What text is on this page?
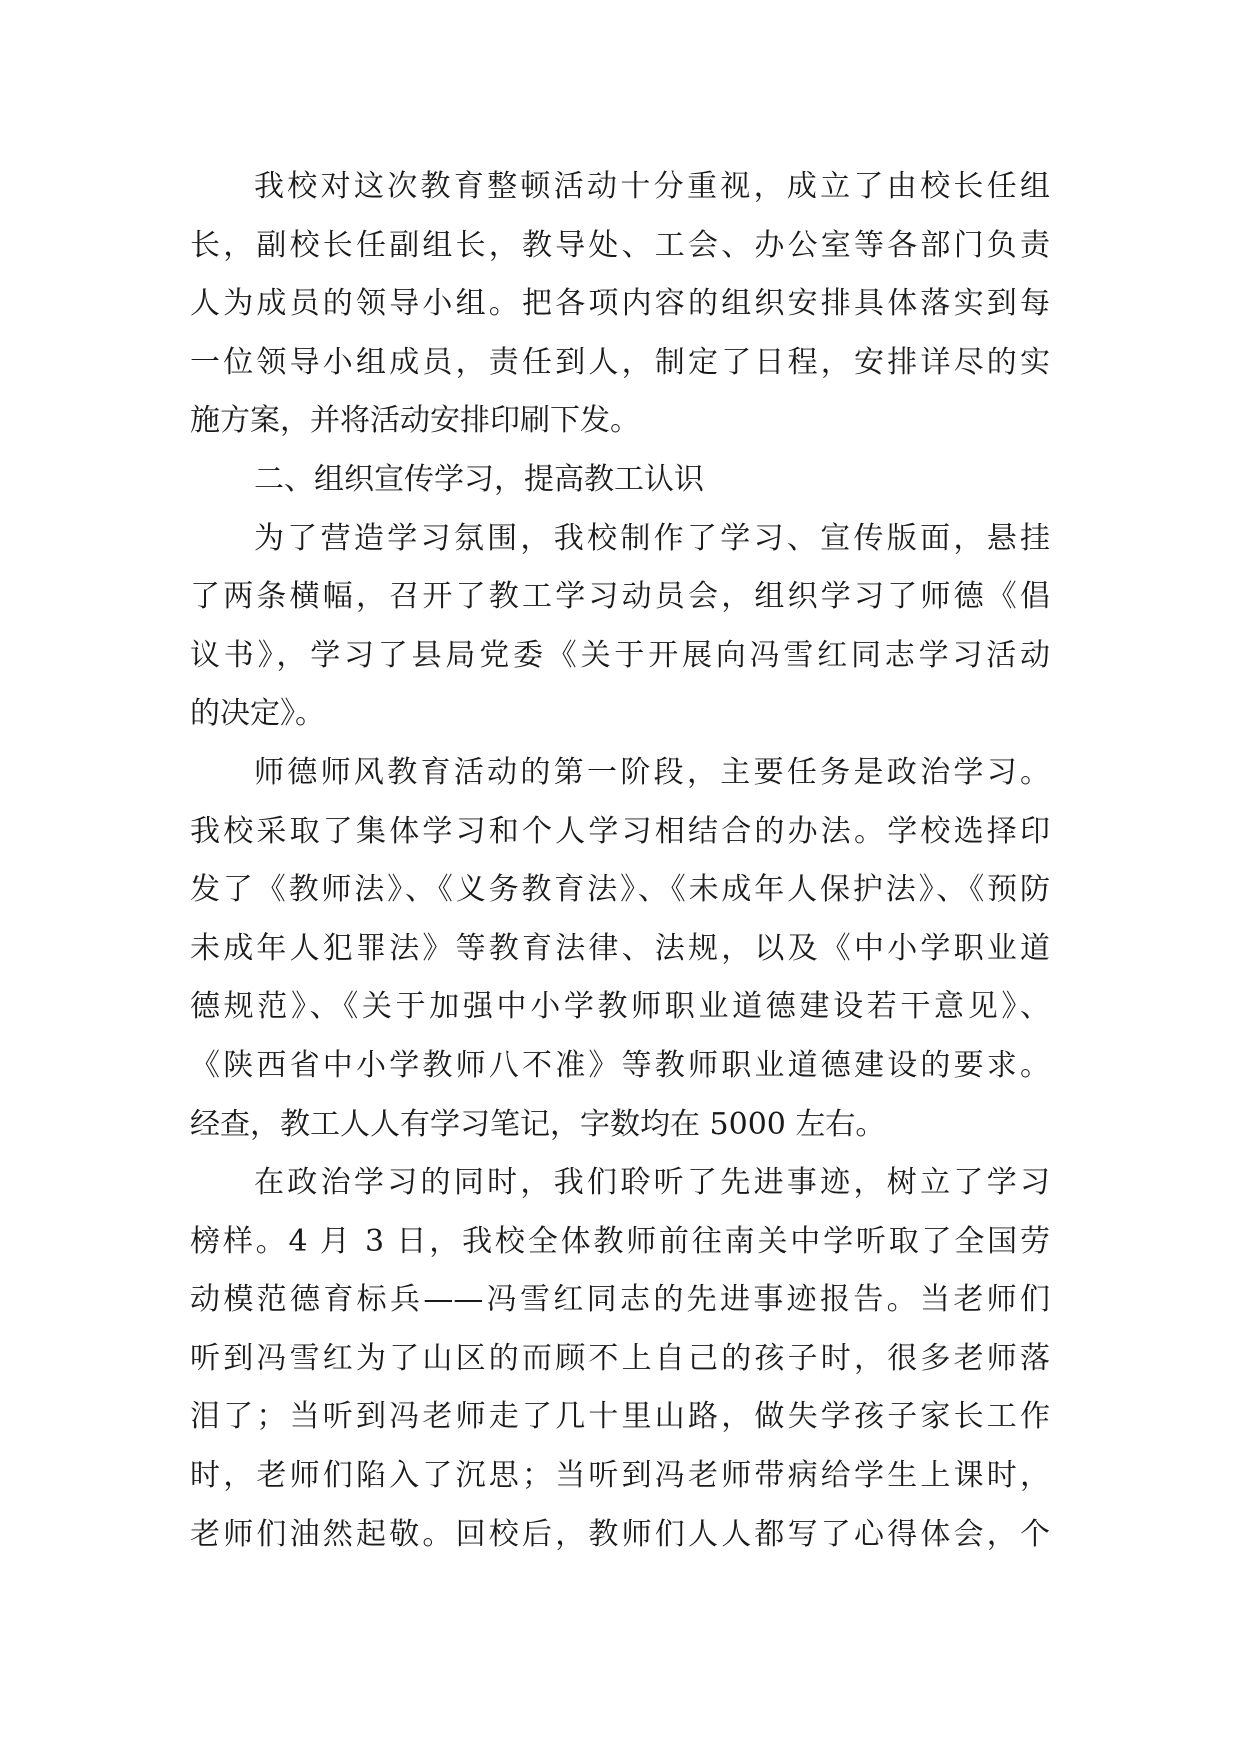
我校对这次教育整顿活动十分重视，成立了由校长任组
长，副校长任副组长，教导处、工会、办公室等各部门负责
人为成员的领导小组。把各项内容的组织安排具体落实到每
一位领导小组成员，责任到人，制定了日程，安排详尽的实
施方案，并将活动安排印刷下发。
二、组织宣传学习，提高教工认识
为了营造学习氛围，我校制作了学习、宣传版面，悬挂
了两条横幅，召开了教工学习动员会，组织学习了师德《倡
议书》，学习了县局党委《关于开展向冯雪红同志学习活动
的决定》。
师德师风教育活动的第一阶段，主要任务是政治学习。
我校采取了集体学习和个人学习相结合的办法。学校选择印
发了《教师法》、《义务教育法》、《未成年人保护法》、《预防
未成年人犯罪法》等教育法律、法规，以及《中小学职业道
德规范》、《关于加强中小学教师职业道德建设若干意见》、
《陕西省中小学教师八不准》等教师职业道德建设的要求。
经查，教工人人有学习笔记，字数均在 5000 左右。
在政治学习的同时，我们聆听了先进事迹，树立了学习
榜样。4 月 3 日，我校全体教师前往南关中学听取了全国劳
动模范德育标兵——冯雪红同志的先进事迹报告。当老师们
听到冯雪红为了山区的而顾不上自己的孩子时，很多老师落
泪了；当听到冯老师走了几十里山路，做失学孩子家长工作
时，老师们陷入了沉思；当听到冯老师带病给学生上课时，
老师们油然起敬。回校后，教师们人人都写了心得体会，个
